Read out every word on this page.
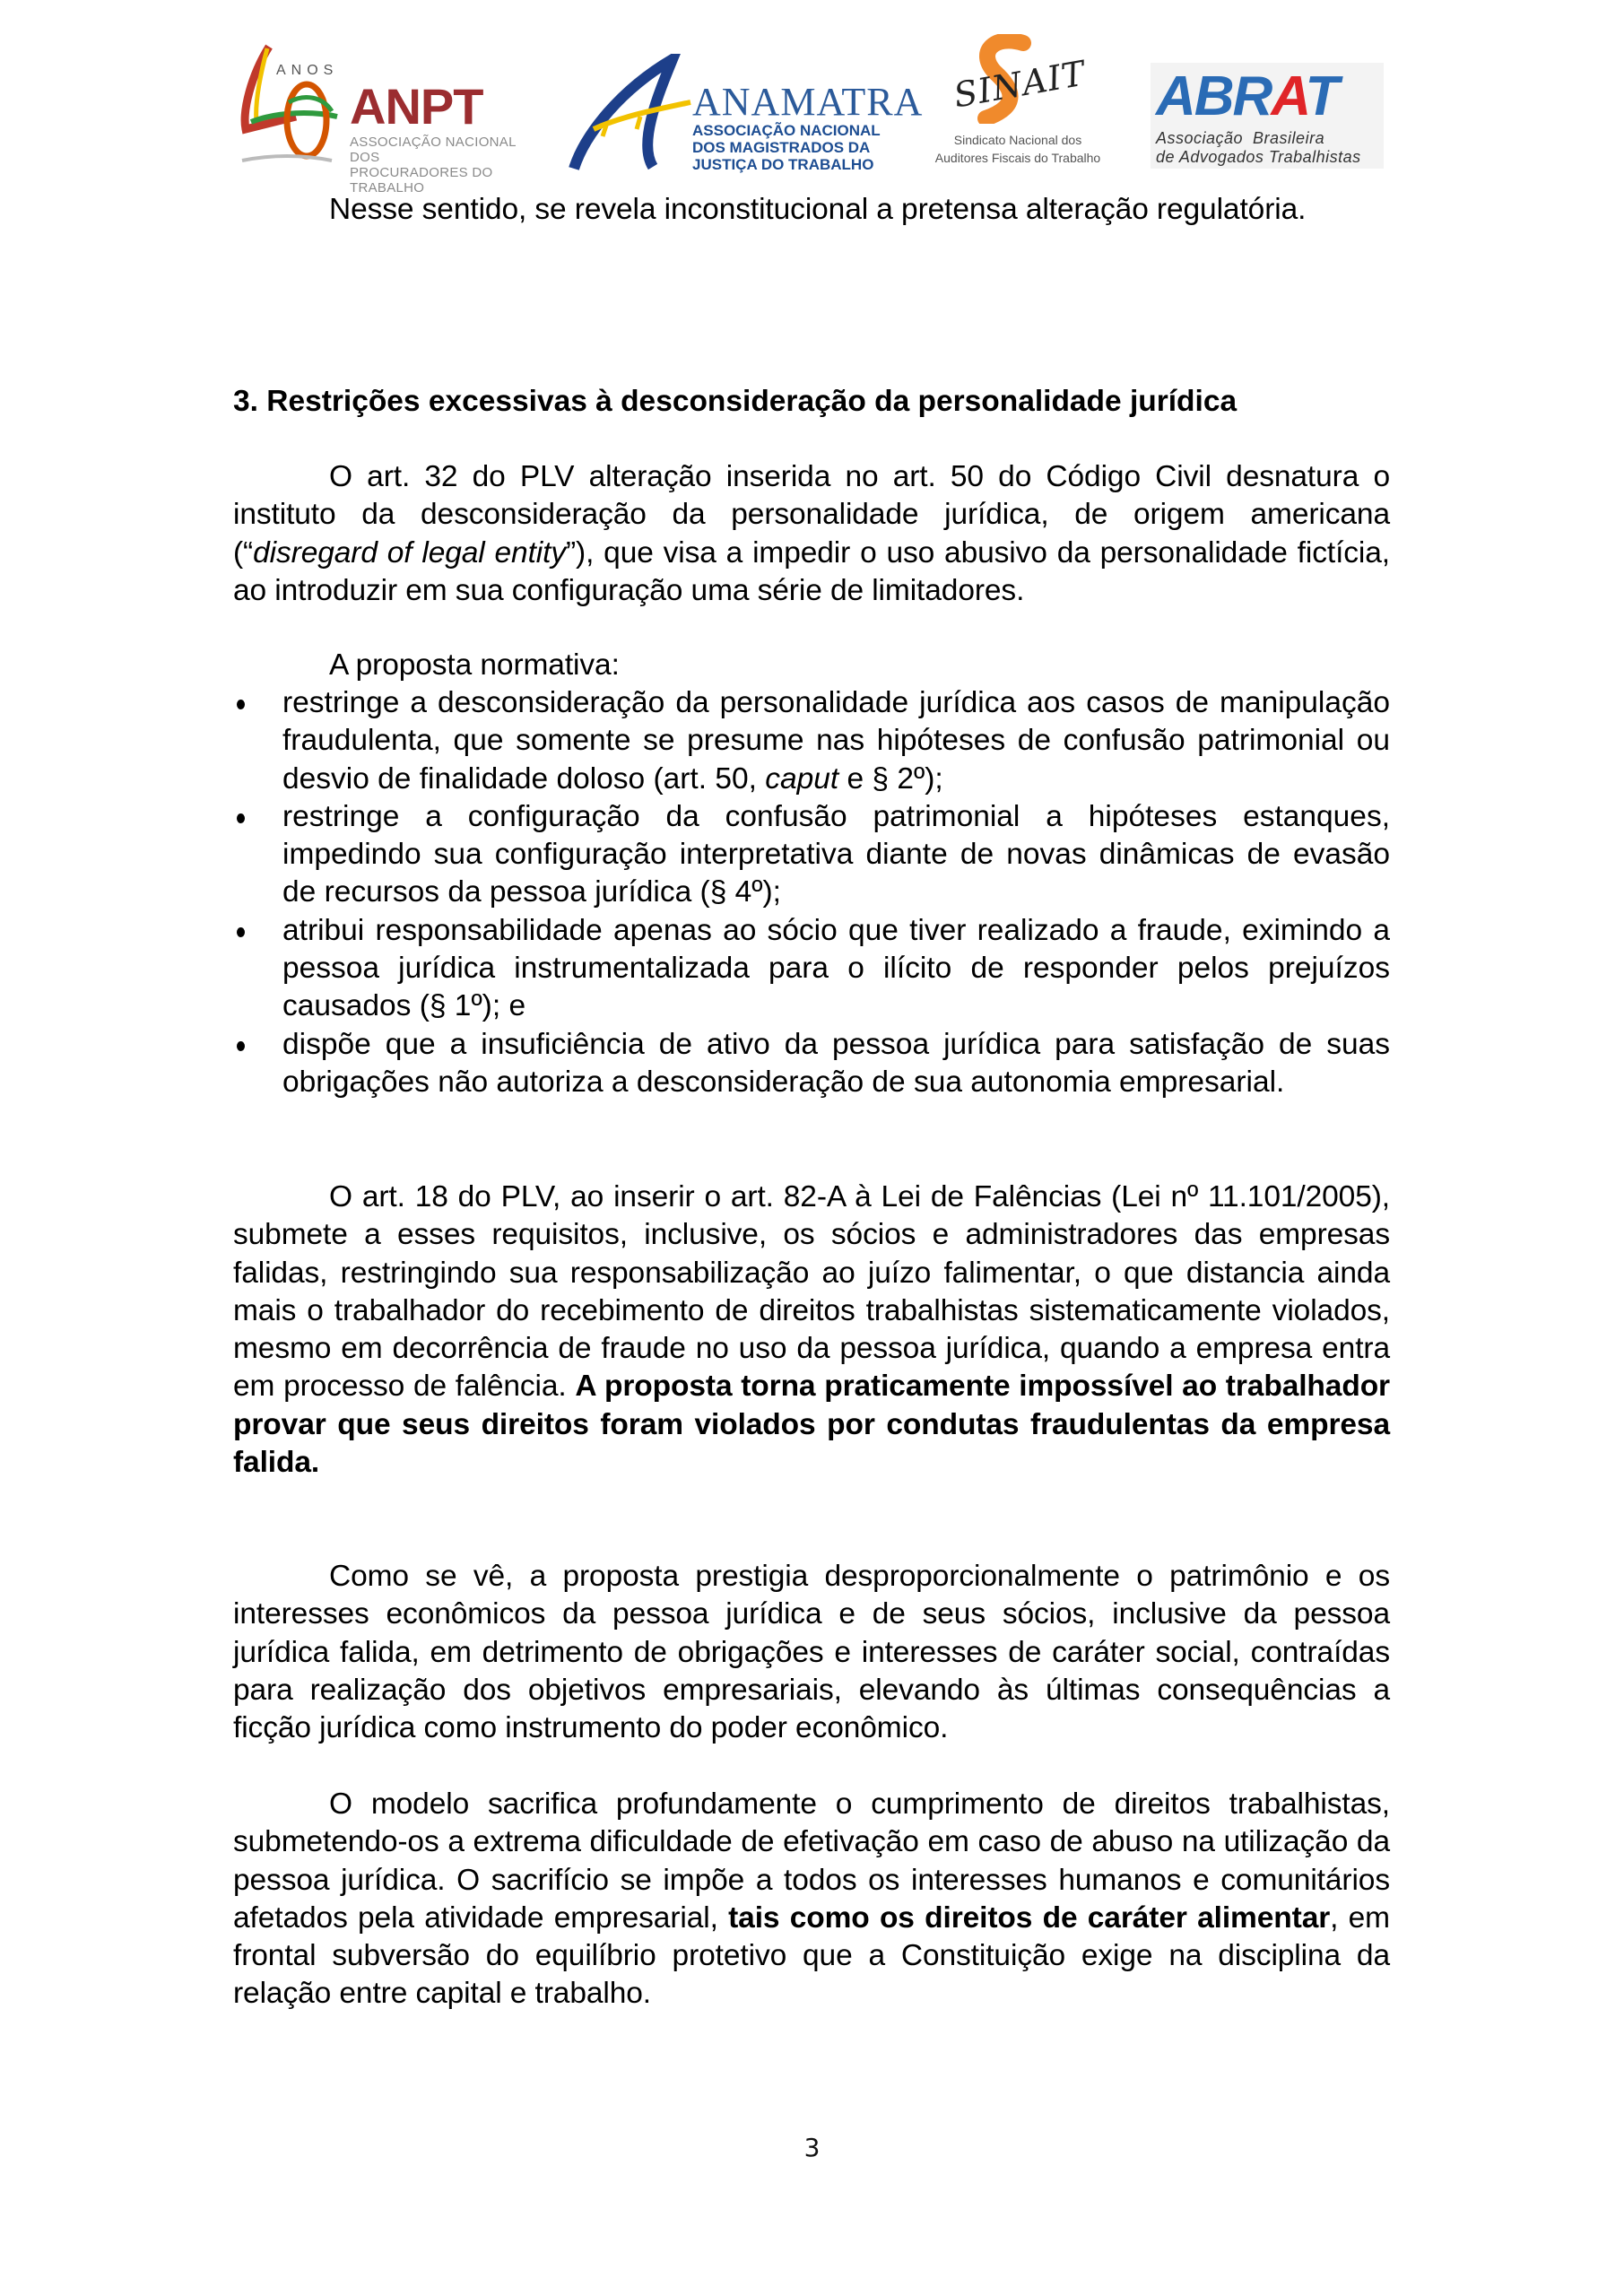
ANOS
ANPT
ASSOCIAÇÃO NACIONAL DOS
PROCURADORES DO TRABALHO
ANAMATRA
ASSOCIAÇÃO NACIONAL
DOS MAGISTRADOS DA
JUSTIÇA DO TRABALHO
SINAIT
Sindicato Nacional dos
Auditores Fiscais do Trabalho
ABRAT
Associação  Brasileira
de Advogados Trabalhistas
Nesse sentido, se revela inconstitucional a pretensa alteração regulatória.
3. Restrições excessivas à desconsideração da personalidade jurídica
O art. 32 do PLV alteração inserida no art. 50 do Código Civil desnatura o instituto da desconsideração da personalidade jurídica, de origem americana (“disregard of legal entity”), que visa a impedir o uso abusivo da personalidade fictícia, ao introduzir em sua configuração uma série de limitadores.
A proposta normativa:
restringe a desconsideração da personalidade jurídica aos casos de manipulação fraudulenta, que somente se presume nas hipóteses de confusão patrimonial ou desvio de finalidade doloso (art. 50, caput e § 2º);
restringe a configuração da confusão patrimonial a hipóteses estanques, impedindo sua configuração interpretativa diante de novas dinâmicas de evasão de recursos da pessoa jurídica (§ 4º);
atribui responsabilidade apenas ao sócio que tiver realizado a fraude, eximindo a pessoa jurídica instrumentalizada para o ilícito de responder pelos prejuízos causados (§ 1º); e
dispõe que a insuficiência de ativo da pessoa jurídica para satisfação de suas obrigações não autoriza a desconsideração de sua autonomia empresarial.
O art. 18 do PLV, ao inserir o art. 82-A à Lei de Falências (Lei nº 11.101/2005), submete a esses requisitos, inclusive, os sócios e administradores das empresas falidas, restringindo sua responsabilização ao juízo falimentar, o que distancia ainda mais o trabalhador do recebimento de direitos trabalhistas sistematicamente violados, mesmo em decorrência de fraude no uso da pessoa jurídica, quando a empresa entra em processo de falência. A proposta torna praticamente impossível ao trabalhador provar que seus direitos foram violados por condutas fraudulentas da empresa falida.
Como se vê, a proposta prestigia desproporcionalmente o patrimônio e os interesses econômicos da pessoa jurídica e de seus sócios, inclusive da pessoa jurídica falida, em detrimento de obrigações e interesses de caráter social, contraídas para realização dos objetivos empresariais, elevando às últimas consequências a ficção jurídica como instrumento do poder econômico.
O modelo sacrifica profundamente o cumprimento de direitos trabalhistas, submetendo-os a extrema dificuldade de efetivação em caso de abuso na utilização da pessoa jurídica. O sacrifício se impõe a todos os interesses humanos e comunitários afetados pela atividade empresarial, tais como os direitos de caráter alimentar, em frontal subversão do equilíbrio protetivo que a Constituição exige na disciplina da relação entre capital e trabalho.
3
